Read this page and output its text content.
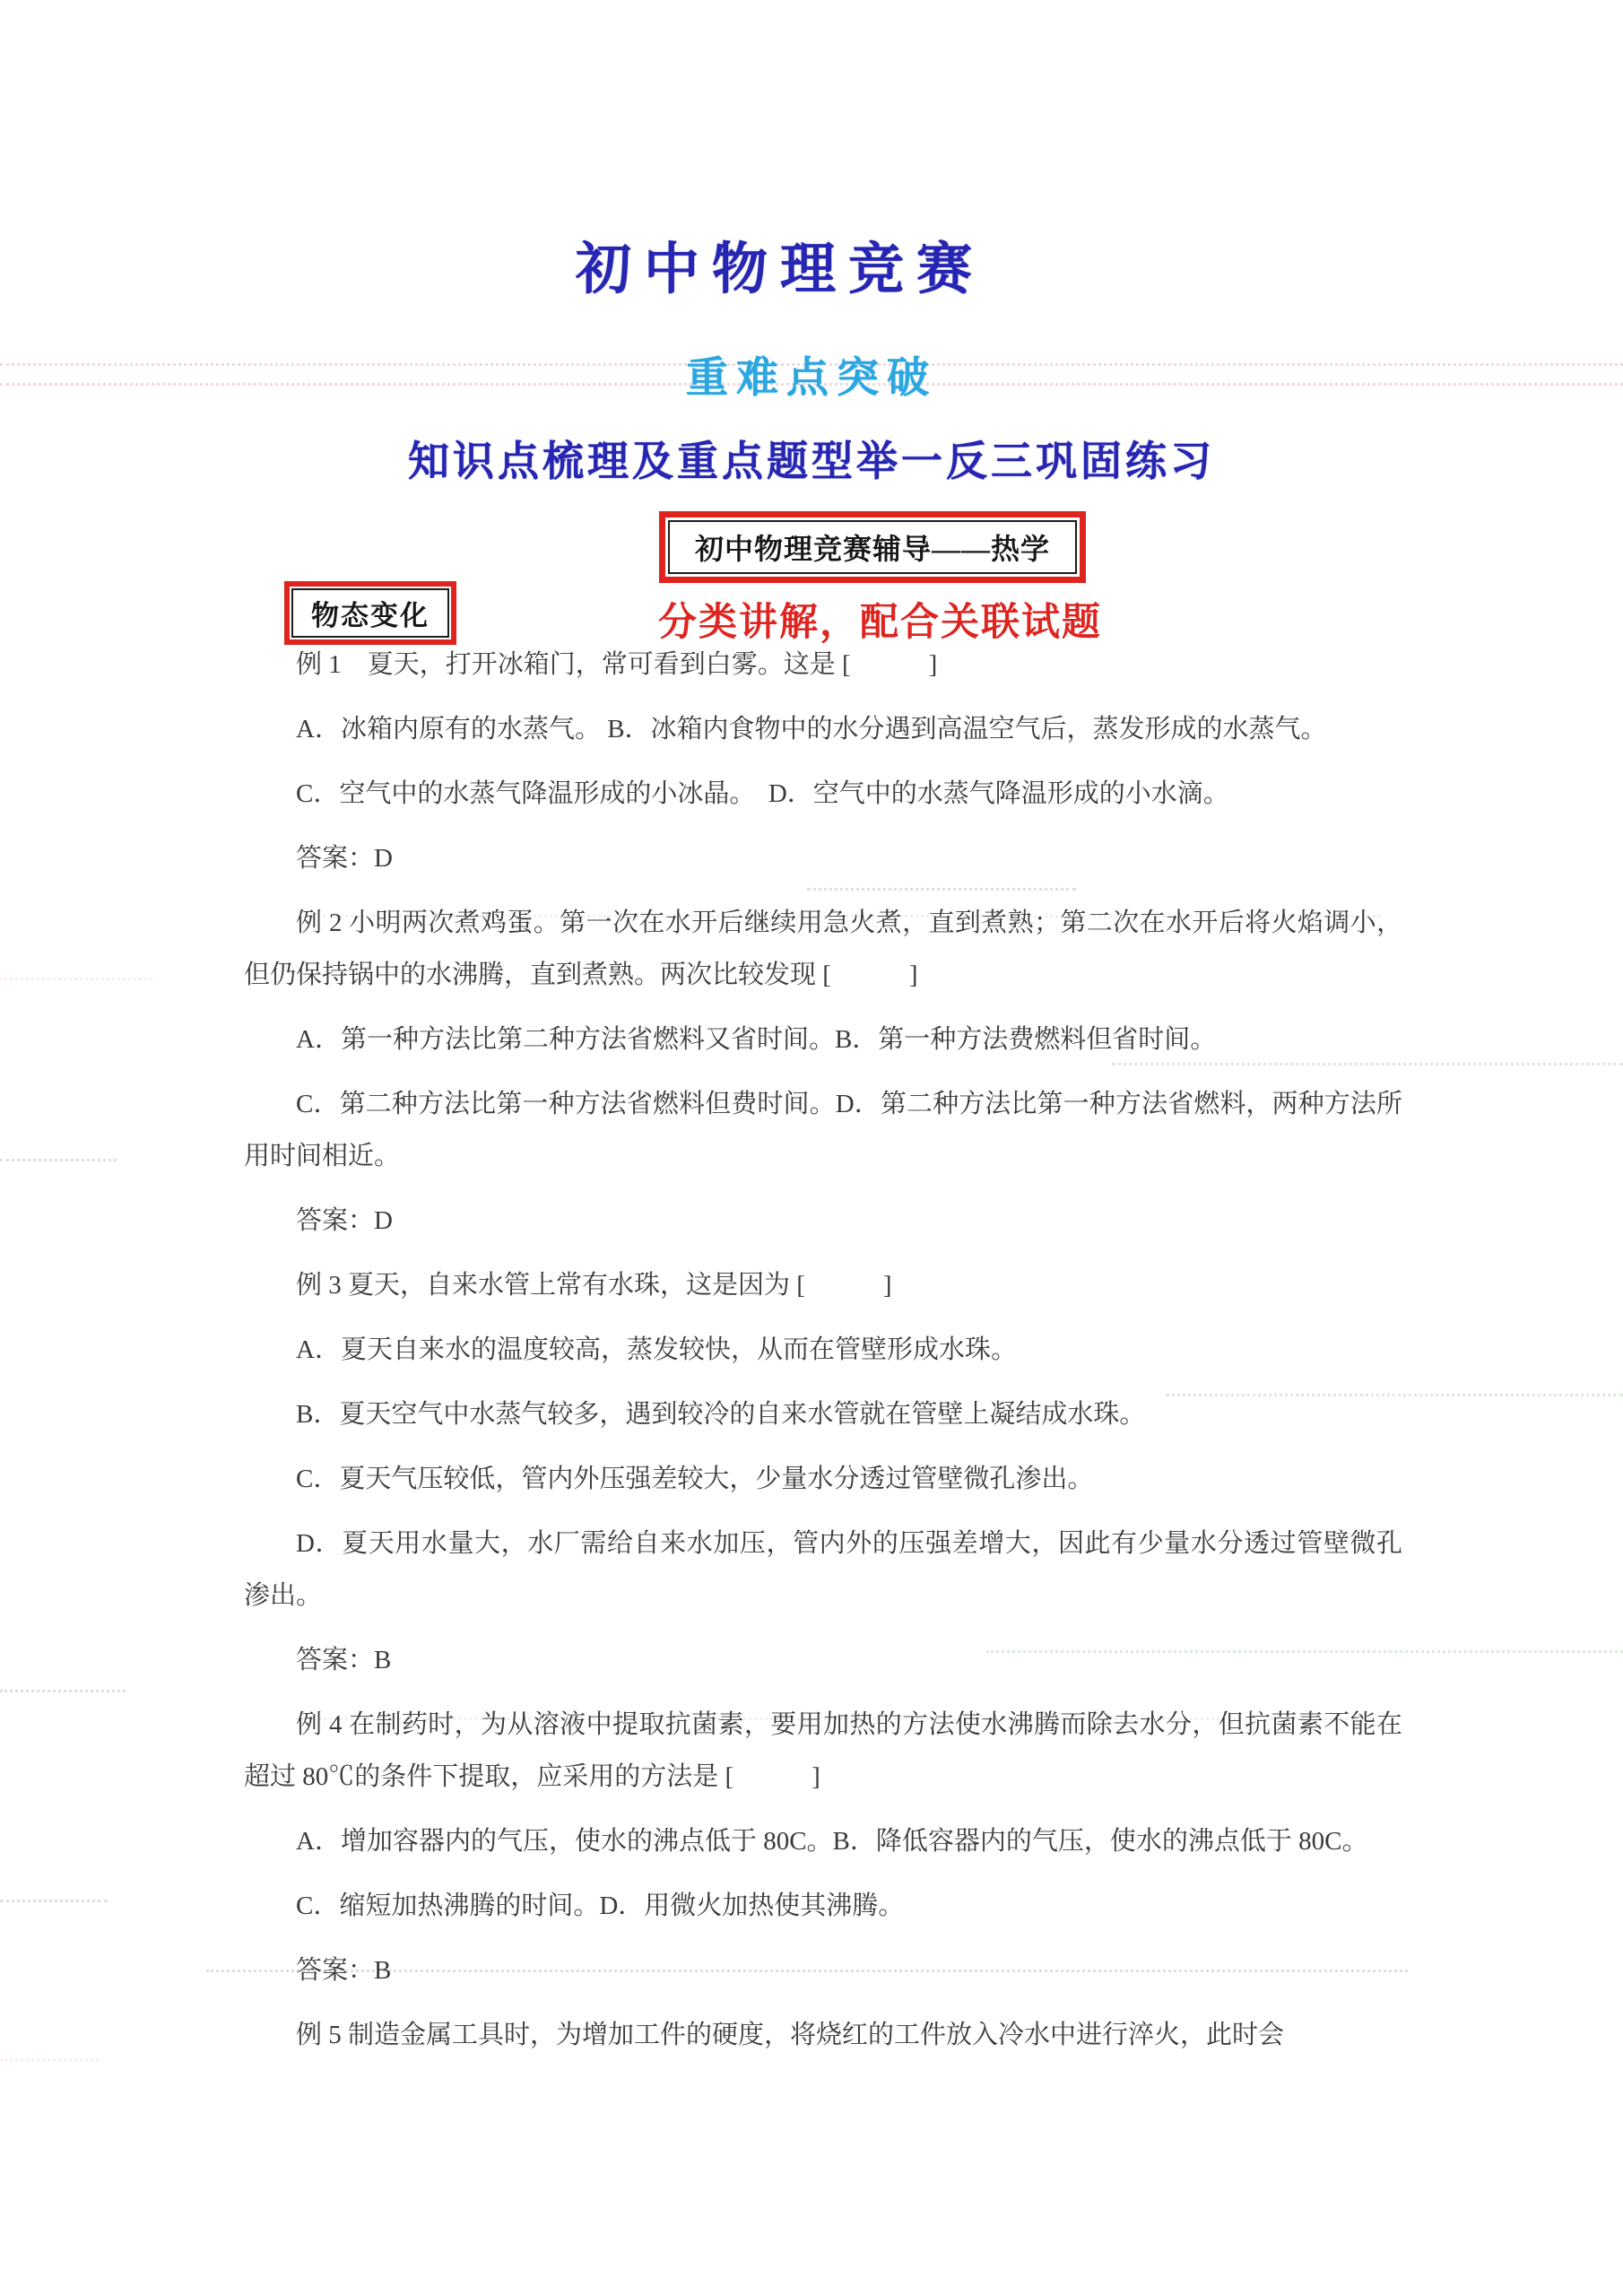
初中物理竞赛
重难点突破
知识点梳理及重点题型举一反三巩固练习
初中物理竞赛辅导——热学
物态变化	分类讲解，配合关联试题

例 1　夏天，打开冰箱门，常可看到白雾。这是 [　　　]

A．冰箱内原有的水蒸气。 B．冰箱内食物中的水分遇到高温空气后，蒸发形成的水蒸气。

C．空气中的水蒸气降温形成的小冰晶。　D．空气中的水蒸气降温形成的小水滴。

答案：D

例 2 小明两次煮鸡蛋。第一次在水开后继续用急火煮，直到煮熟；第二次在水开后将火焰调小，但仍保持锅中的水沸腾，直到煮熟。两次比较发现 [　　　]

A．第一种方法比第二种方法省燃料又省时间。B．第一种方法费燃料但省时间。

C．第二种方法比第一种方法省燃料但费时间。D．第二种方法比第一种方法省燃料，两种方法所用时间相近。

答案：D

例 3 夏天，自来水管上常有水珠，这是因为 [　　　]

A．夏天自来水的温度较高，蒸发较快，从而在管壁形成水珠。

B．夏天空气中水蒸气较多，遇到较冷的自来水管就在管壁上凝结成水珠。

C．夏天气压较低，管内外压强差较大，少量水分透过管壁微孔渗出。

D．夏天用水量大，水厂需给自来水加压，管内外的压强差增大，因此有少量水分透过管壁微孔渗出。

答案：B

例 4 在制药时，为从溶液中提取抗菌素，要用加热的方法使水沸腾而除去水分，但抗菌素不能在超过 80℃的条件下提取，应采用的方法是 [　　　]

A．增加容器内的气压，使水的沸点低于 80C。B．降低容器内的气压，使水的沸点低于 80C。

C．缩短加热沸腾的时间。D．用微火加热使其沸腾。

答案：B

例 5 制造金属工具时，为增加工件的硬度，将烧红的工件放入冷水中进行淬火，此时会
